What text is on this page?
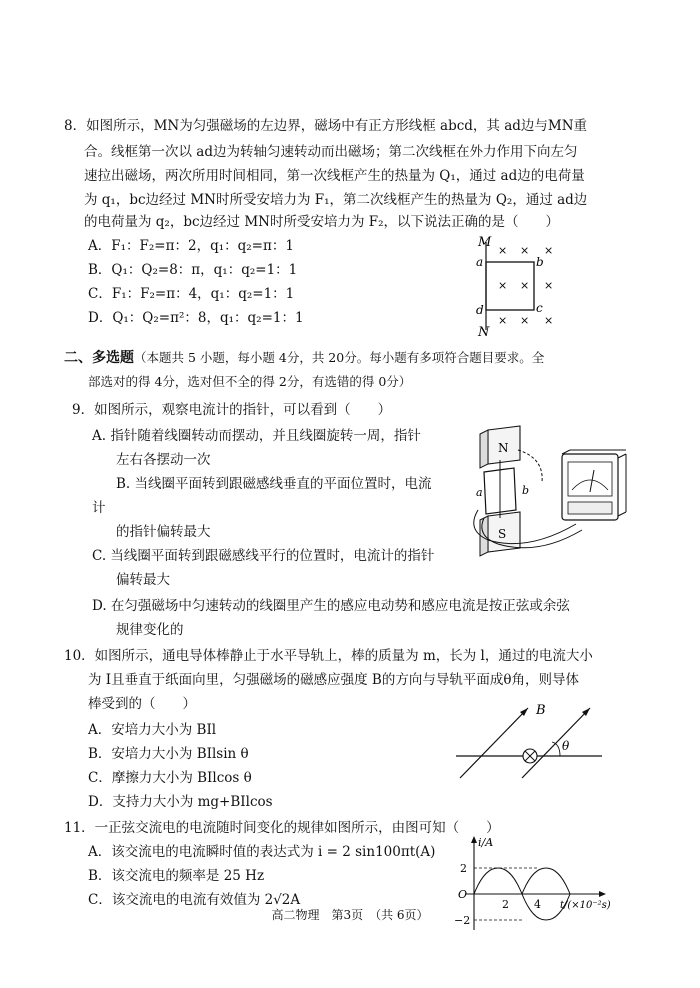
8．如图所示，MN为匀强磁场的左边界，磁场中有正方形线框 abcd，其 ad边与MN重
合。线框第一次以 ad边为转轴匀速转动而出磁场；第二次线框在外力作用下向左匀
速拉出磁场，两次所用时间相同，第一次线框产生的热量为 Q₁，通过 ad边的电荷量
为 q₁，bc边经过 MN时所受安培力为 F₁，第二次线框产生的热量为 Q₂，通过 ad边
的电荷量为 q₂，bc边经过 MN时所受安培力为 F₂，以下说法正确的是（　　）
A．F₁：F₂=π：2，q₁：q₂=π：1
B．Q₁：Q₂=8：π，q₁：q₂=1：1
C．F₁：F₂=π：4，q₁：q₂=1：1
D．Q₁：Q₂=π²：8，q₁：q₂=1：1
M
N
a	b
c
d
× × ×
× × ×
× × ×
二、多选题（本题共 5 小题，每小题 4分，共 20分。每小题有多项符合题目要求。全
部选对的得 4分，选对但不全的得 2分，有选错的得 0分）
9．如图所示，观察电流计的指针，可以看到（　　）
A. 指针随着线圈转动而摆动，并且线圈旋转一周，指针
左右各摆动一次
B. 当线圈平面转到跟磁感线垂直的平面位置时，电流
计
的指针偏转最大
C. 当线圈平面转到跟磁感线平行的位置时，电流计的指针
偏转最大
D. 在匀强磁场中匀速转动的线圈里产生的感应电动势和感应电流是按正弦或余弦
规律变化的
N
S
a	b
10．如图所示，通电导体棒静止于水平导轨上，棒的质量为 m，长为 l，通过的电流大小
为 I且垂直于纸面向里，匀强磁场的磁感应强度 B的方向与导轨平面成θ角，则导体
棒受到的（　　）
A．安培力大小为 BIl
B．安培力大小为 BIlsin θ
C．摩擦力大小为 BIlcos θ
D．支持力大小为 mg+BIlcos
B
θ
11．一正弦交流电的电流随时间变化的规律如图所示，由图可知（　　）
A．该交流电的电流瞬时值的表达式为 i = 2 sin100πt(A)
B．该交流电的频率是 25 Hz
C．该交流电的电流有效值为 2√2A
i/A
t/(×10⁻²s)
O
2
−2
2 4
高二物理　第3页　（共 6页）
